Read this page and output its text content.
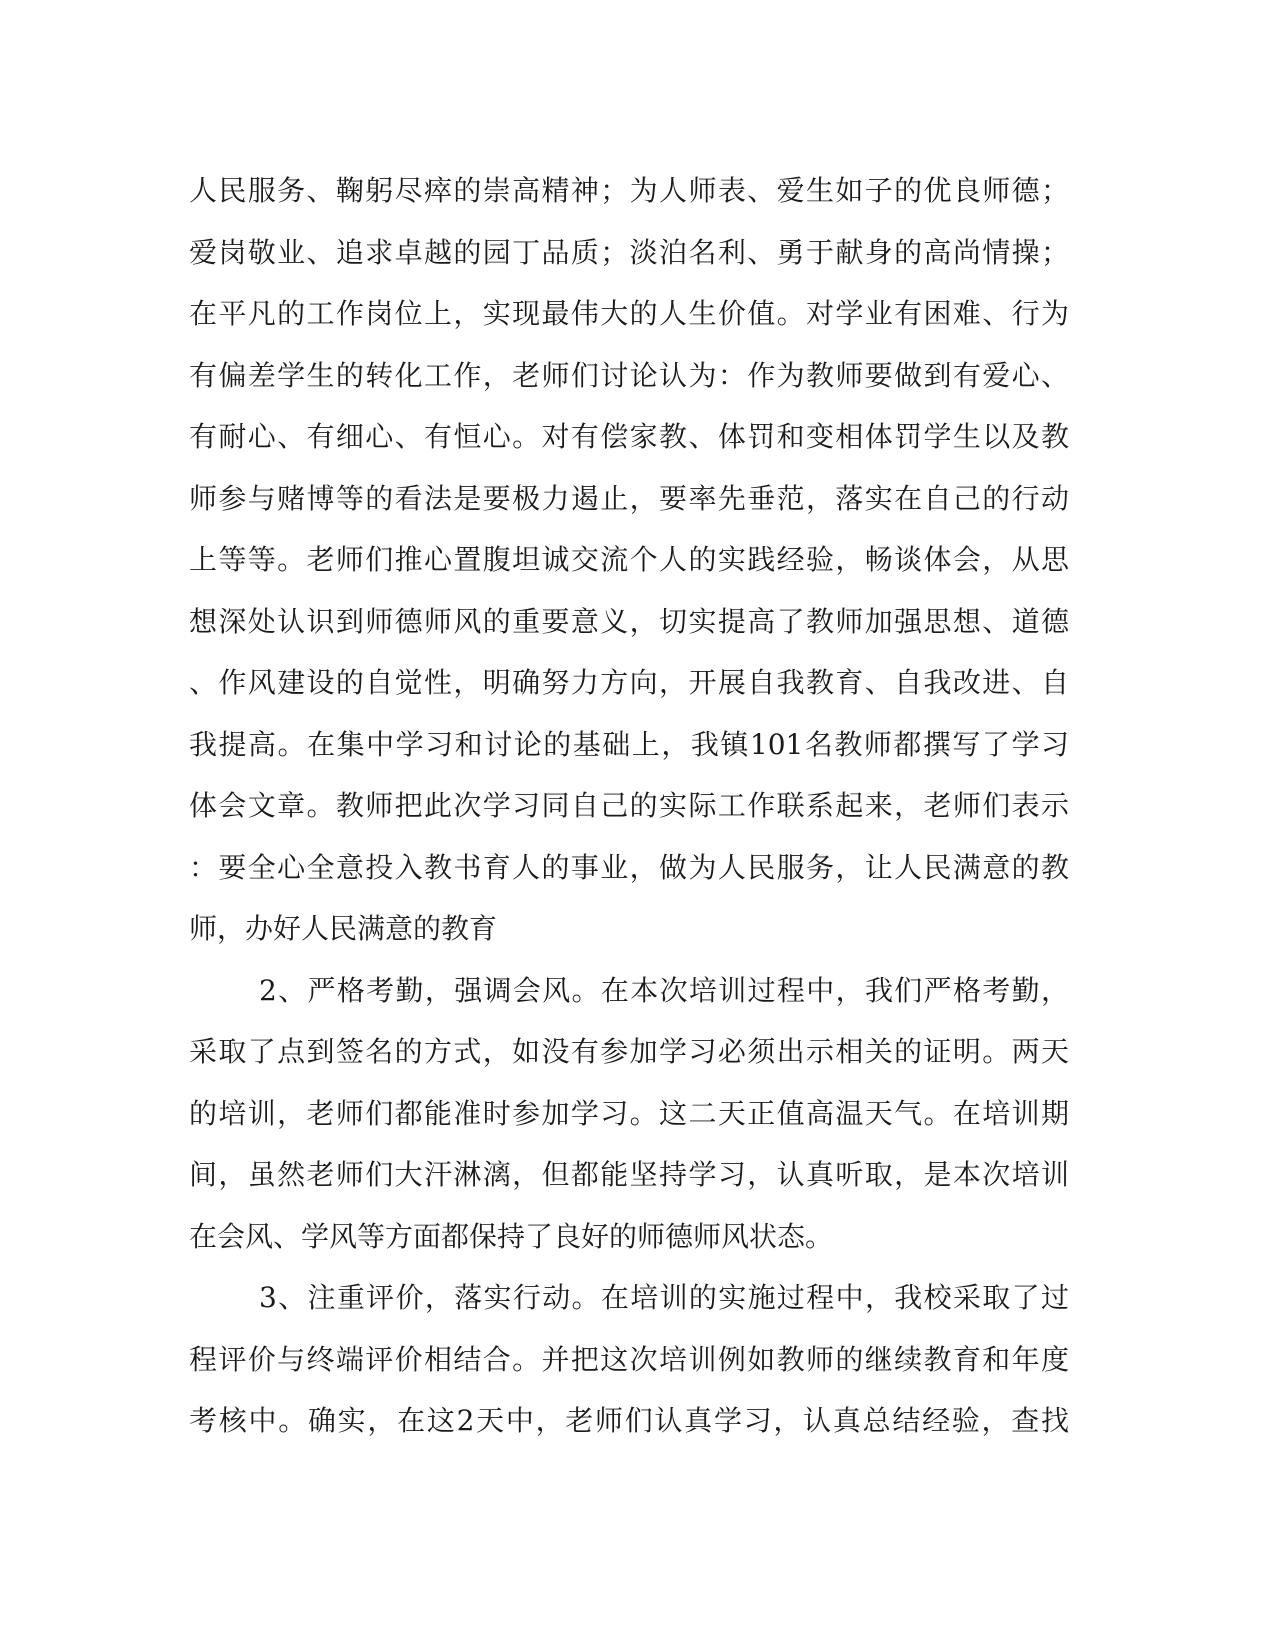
人民服务、鞠躬尽瘁的崇高精神；为人师表、爱生如子的优良师德；
爱岗敬业、追求卓越的园丁品质；淡泊名利、勇于献身的高尚情操；
在平凡的工作岗位上，实现最伟大的人生价值。对学业有困难、行为
有偏差学生的转化工作，老师们讨论认为：作为教师要做到有爱心、
有耐心、有细心、有恒心。对有偿家教、体罚和变相体罚学生以及教
师参与赌博等的看法是要极力遏止，要率先垂范，落实在自己的行动
上等等。老师们推心置腹坦诚交流个人的实践经验，畅谈体会，从思
想深处认识到师德师风的重要意义，切实提高了教师加强思想、道德
、作风建设的自觉性，明确努力方向，开展自我教育、自我改进、自
我提高。在集中学习和讨论的基础上，我镇101名教师都撰写了学习
体会文章。教师把此次学习同自己的实际工作联系起来，老师们表示
：要全心全意投入教书育人的事业，做为人民服务，让人民满意的教
师，办好人民满意的教育
2、严格考勤，强调会风。在本次培训过程中，我们严格考勤，
采取了点到签名的方式，如没有参加学习必须出示相关的证明。两天
的培训，老师们都能准时参加学习。这二天正值高温天气。在培训期
间，虽然老师们大汗淋漓，但都能坚持学习，认真听取，是本次培训
在会风、学风等方面都保持了良好的师德师风状态。
3、注重评价，落实行动。在培训的实施过程中，我校采取了过
程评价与终端评价相结合。并把这次培训例如教师的继续教育和年度
考核中。确实，在这2天中，老师们认真学习，认真总结经验，查找
